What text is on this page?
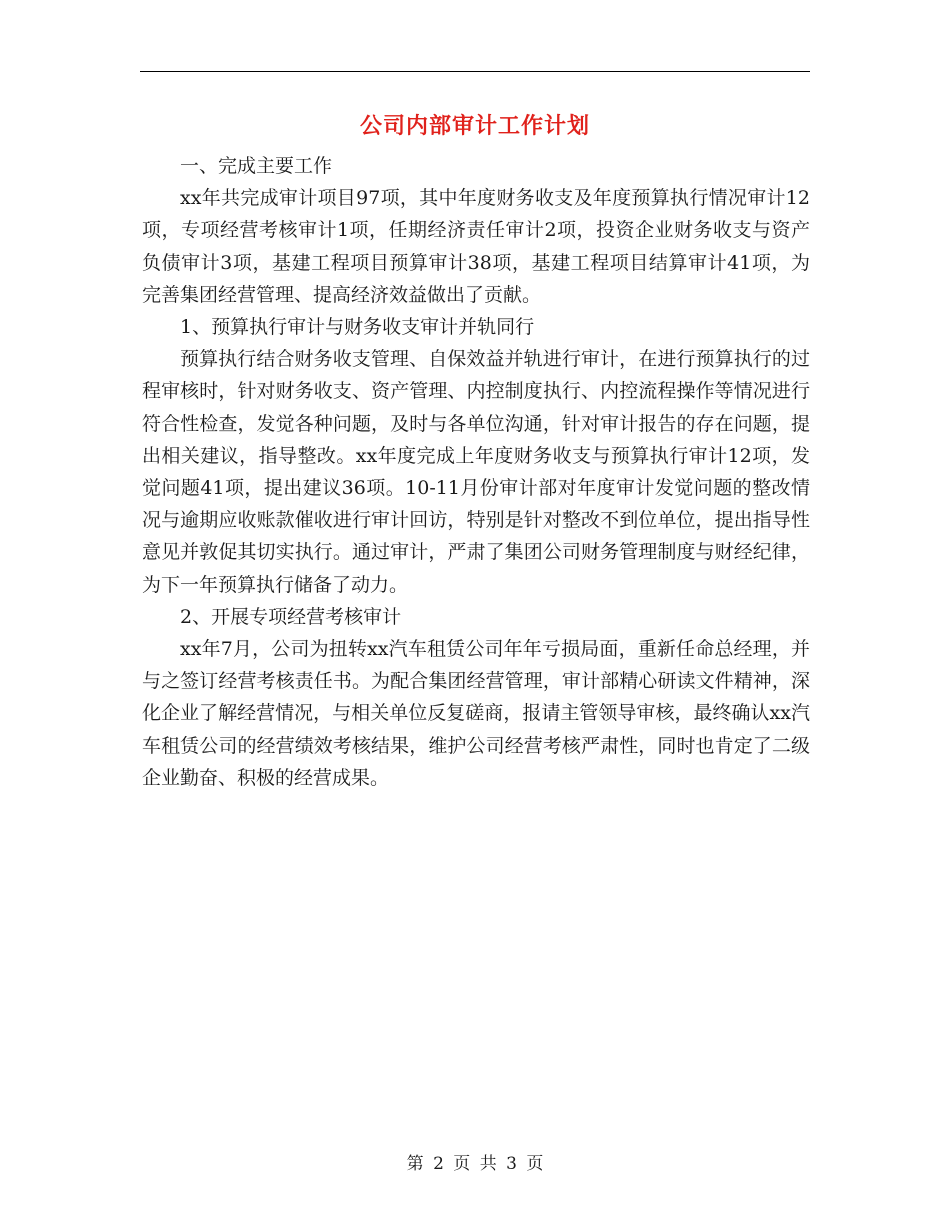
公司内部审计工作计划

一、完成主要工作

xx年共完成审计项目97项，其中年度财务收支及年度预算执行情况审计12项，专项经营考核审计1项，任期经济责任审计2项，投资企业财务收支与资产负债审计3项，基建工程项目预算审计38项，基建工程项目结算审计41项，为完善集团经营管理、提高经济效益做出了贡献。

1、预算执行审计与财务收支审计并轨同行

预算执行结合财务收支管理、自保效益并轨进行审计，在进行预算执行的过程审核时，针对财务收支、资产管理、内控制度执行、内控流程操作等情况进行符合性检查，发觉各种问题，及时与各单位沟通，针对审计报告的存在问题，提出相关建议，指导整改。xx年度完成上年度财务收支与预算执行审计12项，发觉问题41项，提出建议36项。10-11月份审计部对年度审计发觉问题的整改情况与逾期应收账款催收进行审计回访，特别是针对整改不到位单位，提出指导性意见并敦促其切实执行。通过审计，严肃了集团公司财务管理制度与财经纪律，为下一年预算执行储备了动力。

2、开展专项经营考核审计

xx年7月，公司为扭转xx汽车租赁公司年年亏损局面，重新任命总经理，并与之签订经营考核责任书。为配合集团经营管理，审计部精心研读文件精神，深化企业了解经营情况，与相关单位反复磋商，报请主管领导审核，最终确认xx汽车租赁公司的经营绩效考核结果，维护公司经营考核严肃性，同时也肯定了二级企业勤奋、积极的经营成果。

第 2 页 共 3 页
